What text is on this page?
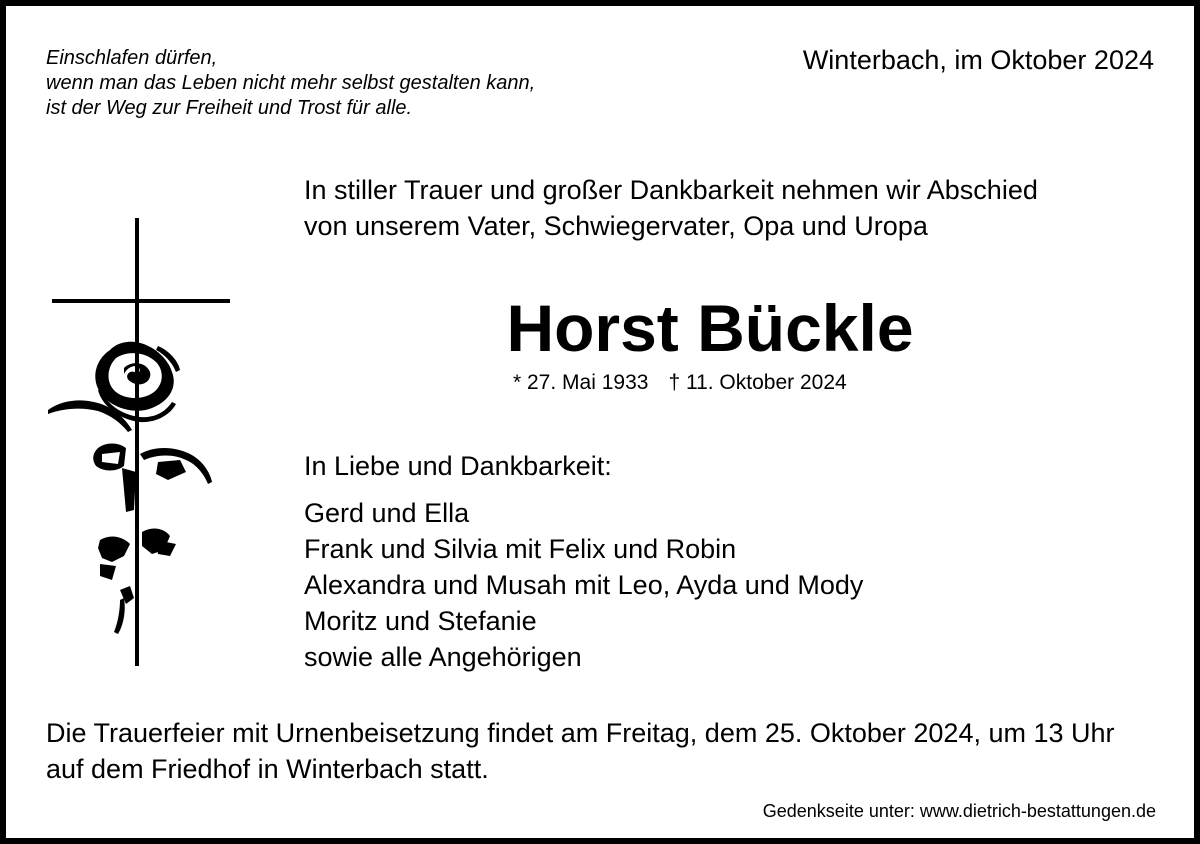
Einschlafen dürfen,
wenn man das Leben nicht mehr selbst gestalten kann,
ist der Weg zur Freiheit und Trost für alle.
Winterbach, im Oktober 2024
In stiller Trauer und großer Dankbarkeit nehmen wir Abschied
von unserem Vater, Schwiegervater, Opa und Uropa
Horst Bückle
* 27. Mai 1933 † 11. Oktober 2024
In Liebe und Dankbarkeit:
Gerd und Ella
Frank und Silvia mit Felix und Robin
Alexandra und Musah mit Leo, Ayda und Mody
Moritz und Stefanie
sowie alle Angehörigen
Die Trauerfeier mit Urnenbeisetzung findet am Freitag, dem 25. Oktober 2024, um 13 Uhr auf dem Friedhof in Winterbach statt.
Gedenkseite unter: www.dietrich-bestattungen.de
